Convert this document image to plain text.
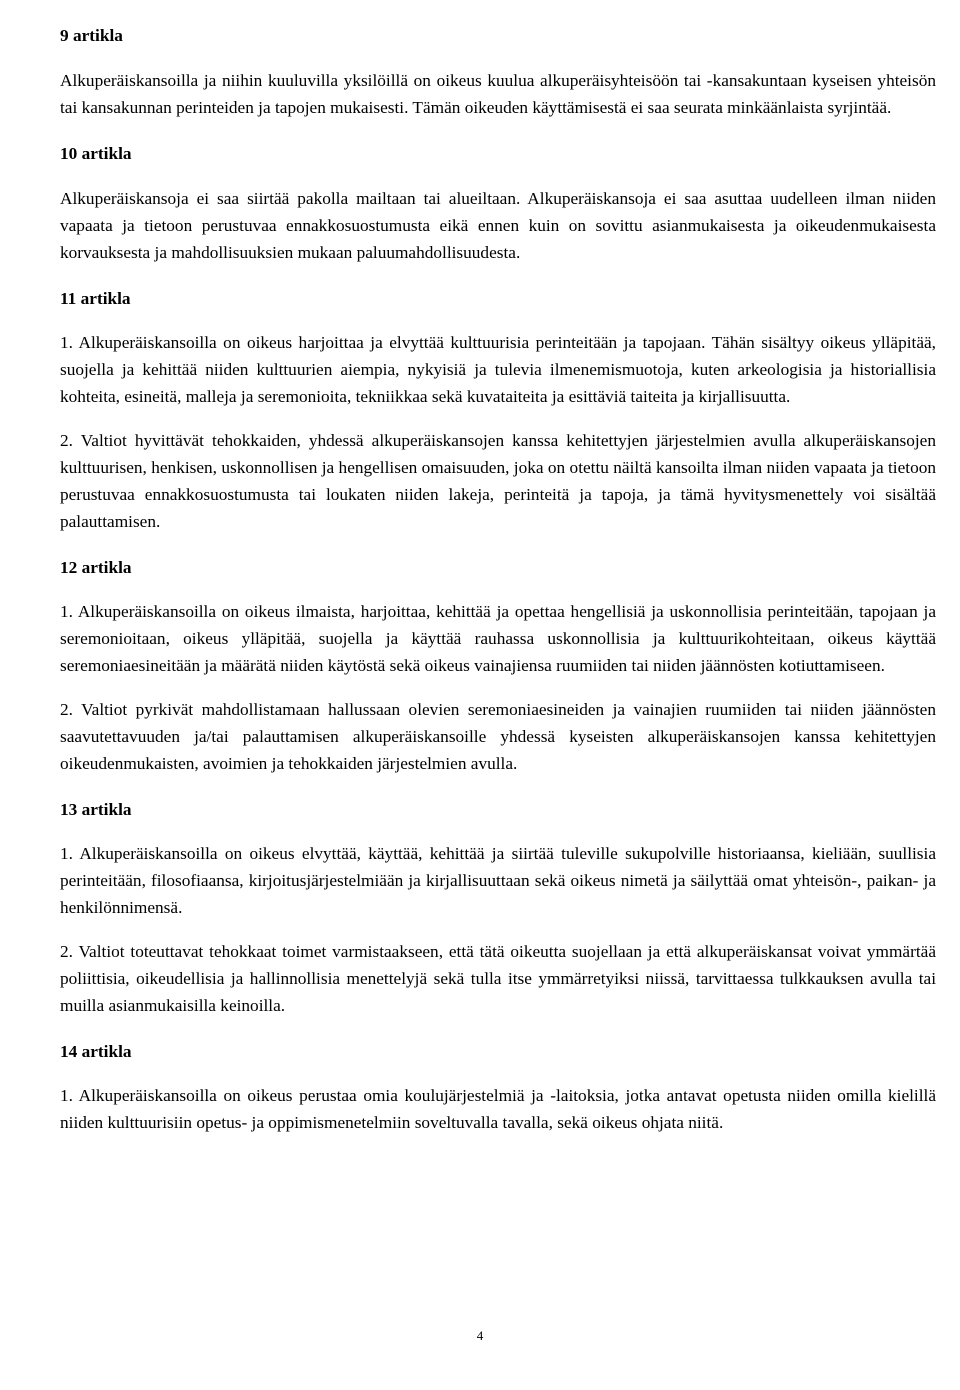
9 artikla

Alkuperäiskansoilla ja niihin kuuluvilla yksilöillä on oikeus kuulua alkuperäisyhteisöön tai -kansakuntaan kyseisen yhteisön tai kansakunnan perinteiden ja tapojen mukaisesti. Tämän oikeuden käyttämisestä ei saa seurata minkäänlaista syrjintää.

10 artikla

Alkuperäiskansoja ei saa siirtää pakolla mailtaan tai alueiltaan. Alkuperäiskansoja ei saa asuttaa uudelleen ilman niiden vapaata ja tietoon perustuvaa ennakkosuostumusta eikä ennen kuin on sovittu asianmukaisesta ja oikeudenmukaisesta korvauksesta ja mahdollisuuksien mukaan paluumahdollisuudesta.

11 artikla

1. Alkuperäiskansoilla on oikeus harjoittaa ja elvyttää kulttuurisia perinteitään ja tapojaan. Tähän sisältyy oikeus ylläpitää, suojella ja kehittää niiden kulttuurien aiempia, nykyisiä ja tulevia ilmenemismuotoja, kuten arkeologisia ja historiallisia kohteita, esineitä, malleja ja seremonioita, tekniikkaa sekä kuvataiteita ja esittäviä taiteita ja kirjallisuutta.

2. Valtiot hyvittävät tehokkaiden, yhdessä alkuperäiskansojen kanssa kehitettyjen järjestelmien avulla alkuperäiskansojen kulttuurisen, henkisen, uskonnollisen ja hengellisen omaisuuden, joka on otettu näiltä kansoilta ilman niiden vapaata ja tietoon perustuvaa ennakkosuostumusta tai loukaten niiden lakeja, perinteitä ja tapoja, ja tämä hyvitysmenettely voi sisältää palauttamisen.

12 artikla

1. Alkuperäiskansoilla on oikeus ilmaista, harjoittaa, kehittää ja opettaa hengellisiä ja uskonnollisia perinteitään, tapojaan ja seremonioitaan, oikeus ylläpitää, suojella ja käyttää rauhassa uskonnollisia ja kulttuurikohteitaan, oikeus käyttää seremoniaesineitään ja määrätä niiden käytöstä sekä oikeus vainajiensa ruumiiden tai niiden jäännösten kotiuttamiseen.

2. Valtiot pyrkivät mahdollistamaan hallussaan olevien seremoniaesineiden ja vainajien ruumiiden tai niiden jäännösten saavutettavuuden ja/tai palauttamisen alkuperäiskansoille yhdessä kyseisten alkuperäiskansojen kanssa kehitettyjen oikeudenmukaisten, avoimien ja tehokkaiden järjestelmien avulla.

13 artikla

1. Alkuperäiskansoilla on oikeus elvyttää, käyttää, kehittää ja siirtää tuleville sukupolville historiaansa, kieliään, suullisia perinteitään, filosofiaansa, kirjoitusjärjestelmiään ja kirjallisuuttaan sekä oikeus nimetä ja säilyttää omat yhteisön-, paikan- ja henkilönnimensä.

2. Valtiot toteuttavat tehokkaat toimet varmistaakseen, että tätä oikeutta suojellaan ja että alkuperäiskansat voivat ymmärtää poliittisia, oikeudellisia ja hallinnollisia menettelyjä sekä tulla itse ymmärretyiksi niissä, tarvittaessa tulkkauksen avulla tai muilla asianmukaisilla keinoilla.

14 artikla

1. Alkuperäiskansoilla on oikeus perustaa omia koulujärjestelmiä ja -laitoksia, jotka antavat opetusta niiden omilla kielillä niiden kulttuurisiin opetus- ja oppimismenetelmiin soveltuvalla tavalla, sekä oikeus ohjata niitä.

4
